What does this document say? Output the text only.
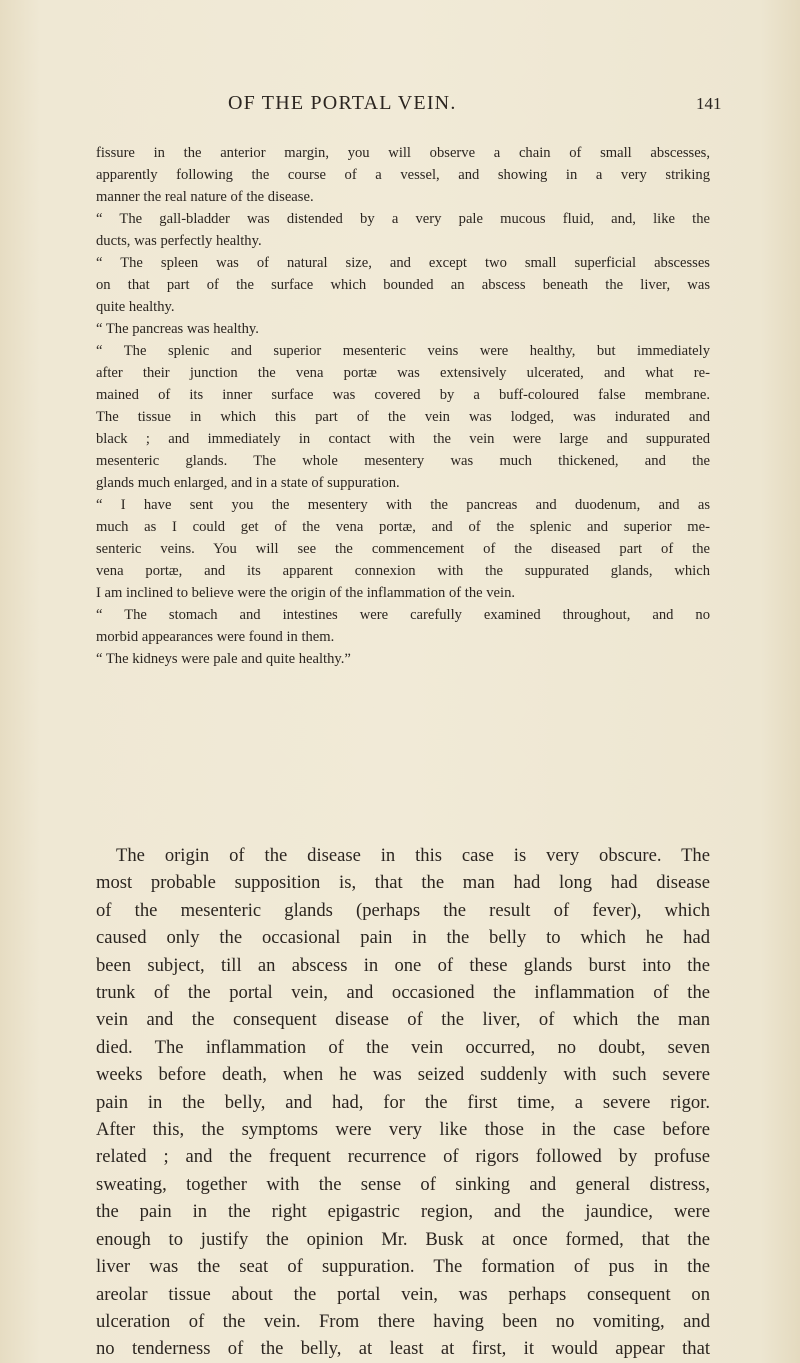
OF THE PORTAL VEIN.	141

fissure in the anterior margin, you will observe a chain of small abscesses,

apparently following the course of a vessel, and showing in a very striking

manner the real nature of the disease.

“ The gall-bladder was distended by a very pale mucous fluid, and, like the

ducts, was perfectly healthy.

“ The spleen was of natural size, and except two small superficial abscesses

on that part of the surface which bounded an abscess beneath the liver, was

quite healthy.

“ The pancreas was healthy.

“ The splenic and superior mesenteric veins were healthy, but immediately

after their junction the vena portæ was extensively ulcerated, and what re-

mained of its inner surface was covered by a buff-coloured false membrane.

The tissue in which this part of the vein was lodged, was indurated and

black ; and immediately in contact with the vein were large and suppurated

mesenteric glands. The whole mesentery was much thickened, and the

glands much enlarged, and in a state of suppuration.

“ I have sent you the mesentery with the pancreas and duodenum, and as

much as I could get of the vena portæ, and of the splenic and superior me-

senteric veins. You will see the commencement of the diseased part of the

vena portæ, and its apparent connexion with the suppurated glands, which

I am inclined to believe were the origin of the inflammation of the vein.

“ The stomach and intestines were carefully examined throughout, and no

morbid appearances were found in them.

“ The kidneys were pale and quite healthy.”

The origin of the disease in this case is very obscure. The

most probable supposition is, that the man had long had disease

of the mesenteric glands (perhaps the result of fever), which

caused only the occasional pain in the belly to which he had

been subject, till an abscess in one of these glands burst into the

trunk of the portal vein, and occasioned the inflammation of the

vein and the consequent disease of the liver, of which the man

died. The inflammation of the vein occurred, no doubt, seven

weeks before death, when he was seized suddenly with such severe

pain in the belly, and had, for the first time, a severe rigor.

After this, the symptoms were very like those in the case before

related ; and the frequent recurrence of rigors followed by profuse

sweating, together with the sense of sinking and general distress,

the pain in the right epigastric region, and the jaundice, were

enough to justify the opinion Mr. Busk at once formed, that the

liver was the seat of suppuration. The formation of pus in the

areolar tissue about the portal vein, was perhaps consequent on

ulceration of the vein. From there having been no vomiting, and

no tenderness of the belly, at least at first, it would appear that
